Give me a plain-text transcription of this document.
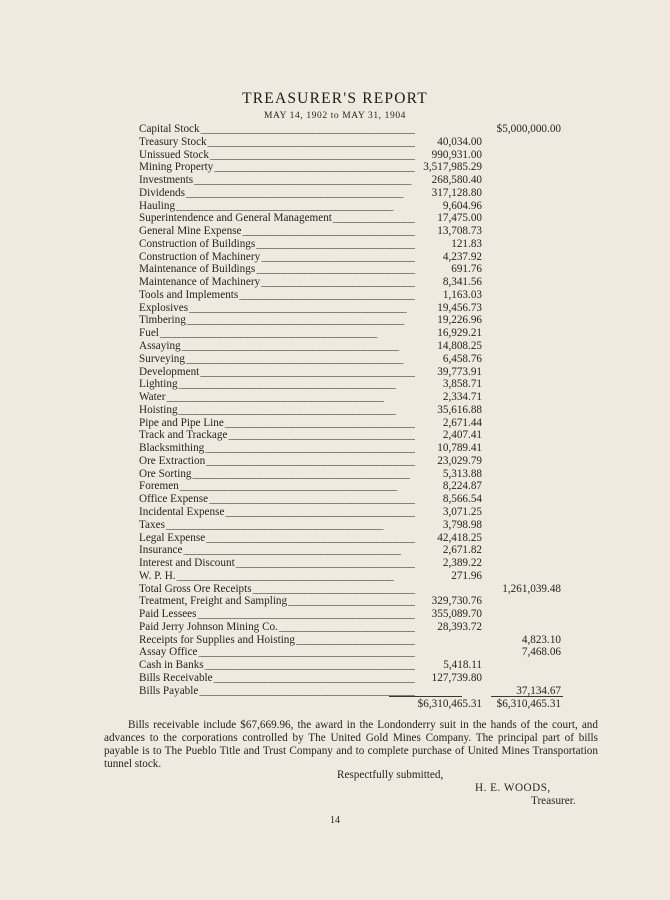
TREASURER'S REPORT
MAY 14, 1902 to MAY 31, 1904
Capital Stock _ _ _	$5,000,000.00
Treasury Stock _ _ _	40,034.00
Unissued Stock _ _ _	990,931.00
Mining Property _ _ _	3,517,985.29
Investments _ _ _	268,580.40
Dividends _ _ _	317,128.80
Hauling _ _ _	9,604.96
Superintendence and General Management _ _ _	17,475.00
General Mine Expense _ _ _	13,708.73
Construction of Buildings _ _ _	121.83
Construction of Machinery _ _ _	4,237.92
Maintenance of Buildings _ _ _	691.76
Maintenance of Machinery _ _ _	8,341.56
Tools and Implements _ _ _	1,163.03
Explosives _ _ _	19,456.73
Timbering _ _ _	19,226.96
Fuel _ _ _	16,929.21
Assaying _ _ _	14,808.25
Surveying _ _ _	6,458.76
Development _ _ _	39,773.91
Lighting _ _ _	3,858.71
Water _ _ _	2,334.71
Hoisting _ _ _	35,616.88
Pipe and Pipe Line _ _ _	2,671.44
Track and Trackage _ _ _	2,407.41
Blacksmithing _ _ _	10,789.41
Ore Extraction _ _ _	23,029.79
Ore Sorting _ _ _	5,313.88
Foremen _ _ _	8,224.87
Office Expense _ _ _	8,566.54
Incidental Expense _ _ _	3,071.25
Taxes _ _ _	3,798.98
Legal Expense _ _ _	42,418.25
Insurance _ _ _	2,671.82
Interest and Discount _ _ _	2,389.22
W. P. H. _ _ _	271.96
Total Gross Ore Receipts _ _ _	1,261,039.48
Treatment, Freight and Sampling _ _ _	329,730.76
Paid Lessees _ _ _	355,089.70
Paid Jerry Johnson Mining Co. _ _ _	28,393.72
Receipts for Supplies and Hoisting _ _ _	4,823.10
Assay Office _ _ _	7,468.06
Cash in Banks _ _ _	5,418.11
Bills Receivable _ _ _	127,739.80
Bills Payable _ _ _	37,134.67
$6,310,465.31 $6,310,465.31
Bills receivable include $67,669.96, the award in the Londonderry suit in the hands of the court, and advances to the corporations controlled by The United Gold Mines Company. The principal part of bills payable is to The Pueblo Title and Trust Company and to complete purchase of United Mines Transportation tunnel stock.
Respectfully submitted,
H. E. WOODS,
Treasurer.
14
